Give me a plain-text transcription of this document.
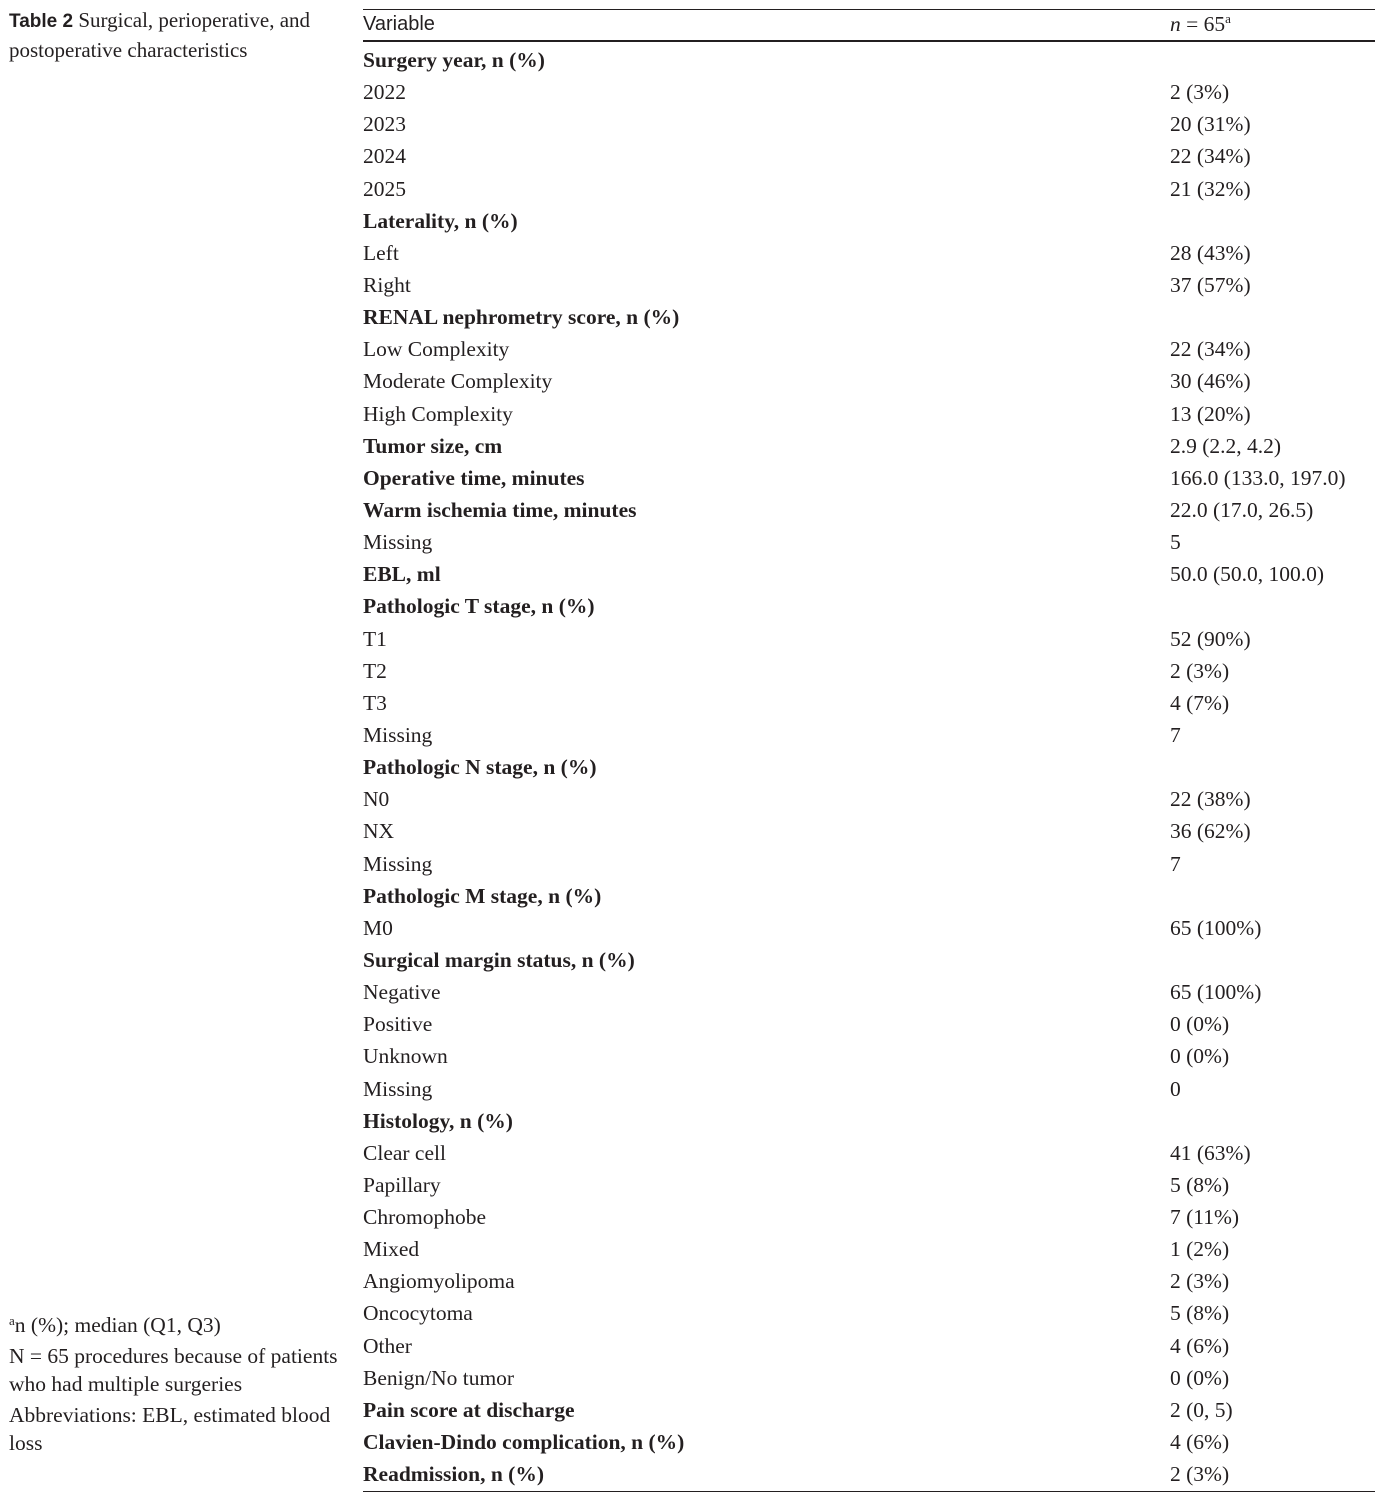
Table 2 Surgical, perioperative, and postoperative characteristics
Variable	$n = 65^a$
Surgery year, n (%)
2022	2 (3%)
2023	20 (31%)
2024	22 (34%)
2025	21 (32%)
Laterality, n (%)
Left	28 (43%)
Right	37 (57%)
RENAL nephrometry score, n (%)
Low Complexity	22 (34%)
Moderate Complexity	30 (46%)
High Complexity	13 (20%)
Tumor size, cm	2.9 (2.2, 4.2)
Operative time, minutes	166.0 (133.0, 197.0)
Warm ischemia time, minutes	22.0 (17.0, 26.5)
Missing	5
EBL, ml	50.0 (50.0, 100.0)
Pathologic T stage, n (%)
T1	52 (90%)
T2	2 (3%)
T3	4 (7%)
Missing	7
Pathologic N stage, n (%)
N0	22 (38%)
NX	36 (62%)
Missing	7
Pathologic M stage, n (%)
M0	65 (100%)
Surgical margin status, n (%)
Negative	65 (100%)
Positive	0 (0%)
Unknown	0 (0%)
Missing	0
Histology, n (%)
Clear cell	41 (63%)
Papillary	5 (8%)
Chromophobe	7 (11%)
Mixed	1 (2%)
Angiomyolipoma	2 (3%)
Oncocytoma	5 (8%)
Other	4 (6%)
Benign/No tumor	0 (0%)
Pain score at discharge	2 (0, 5)
Clavien-Dindo complication, n (%)	4 (6%)
Readmission, n (%)	2 (3%)

$^a$n (%); median (Q1, Q3)

N = 65 procedures because of patients who had multiple surgeries

Abbreviations: EBL, estimated blood loss
